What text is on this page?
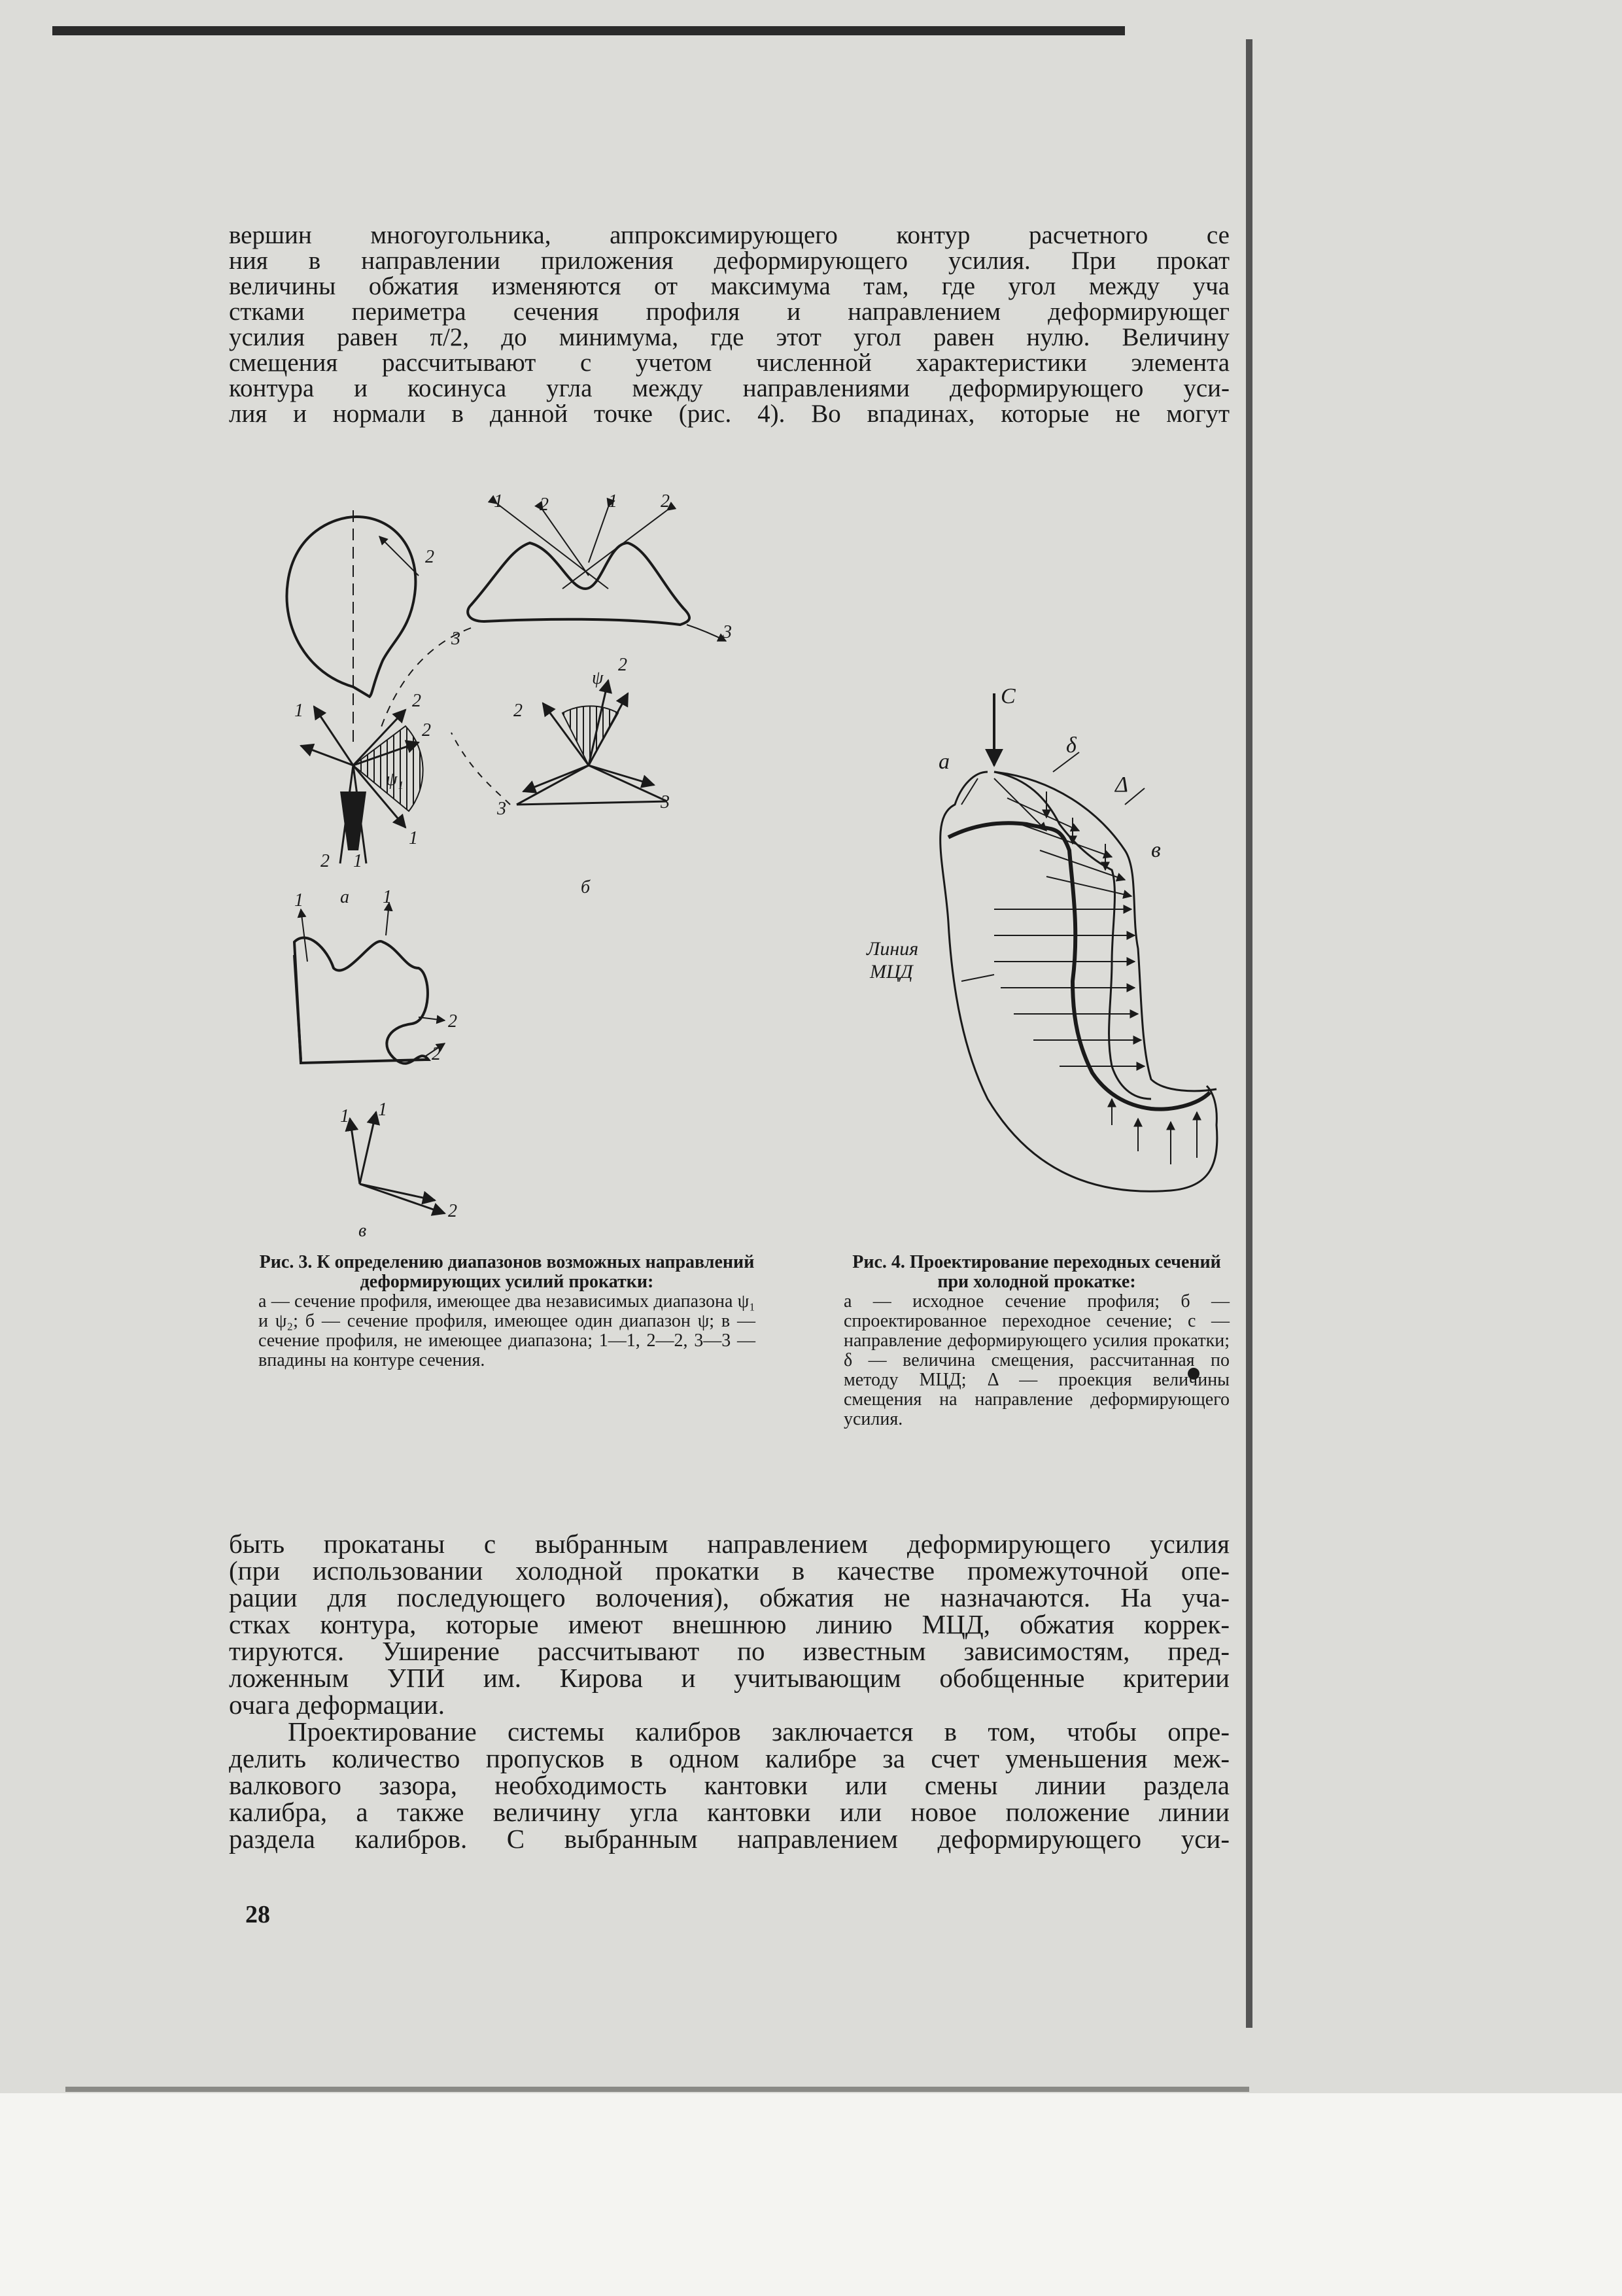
вершин многоугольника, аппроксимирующего контур расчетного се
ния в направлении приложения деформирующего усилия. При прокат
величины обжатия изменяются от максимума там, где угол между уча
стками периметра сечения профиля и направлением деформирующег
усилия равен π/2, до минимума, где этот угол равен нулю. Величину
смещения рассчитывают с учетом численной характеристики элемента
контура и косинуса угла между направлениями деформирующего уси-
лия и нормали в данной точке (рис. 4). Во впадинах, которые не могут
2
1	2
2
ψ₁
1
2 1
а
1 2	1 2
3
3
2
ψ
2
3	3
б
1	1
2
2
1 1
2
в
С
а
δ
Δ
в
Линия
МЦД
Рис. 3. К определению диапазонов возможных направлений деформирующих усилий прокатки:
а — сечение профиля, имеющее два независимых диапазона ψ₁ и ψ₂; б — сечение профиля, имеющее один диапазон ψ; в — сечение профиля, не имеющее диапазона; 1—1, 2—2, 3—3 — впадины на контуре сечения.
Рис. 4. Проектирование переходных сечений при холодной прокатке:
а — исходное сечение профиля; б — спроектированное переходное сечение; с — направление деформирующего усилия прокатки; δ — величина смещения, рассчитанная по методу МЦД; Δ — проекция величины смещения на направление деформирующего усилия.
быть прокатаны с выбранным направлением деформирующего усилия
(при использовании холодной прокатки в качестве промежуточной опе-
рации для последующего волочения), обжатия не назначаются. На уча-
стках контура, которые имеют внешнюю линию МЦД, обжатия коррек-
тируются. Уширение рассчитывают по известным зависимостям, пред-
ложенным УПИ им. Кирова и учитывающим обобщенные критерии
очага деформации.
Проектирование системы калибров заключается в том, чтобы опре-
делить количество пропусков в одном калибре за счет уменьшения меж-
валкового зазора, необходимость кантовки или смены линии раздела
калибра, а также величину угла кантовки или новое положение линии
раздела калибров. С выбранным направлением деформирующего уси-
28
